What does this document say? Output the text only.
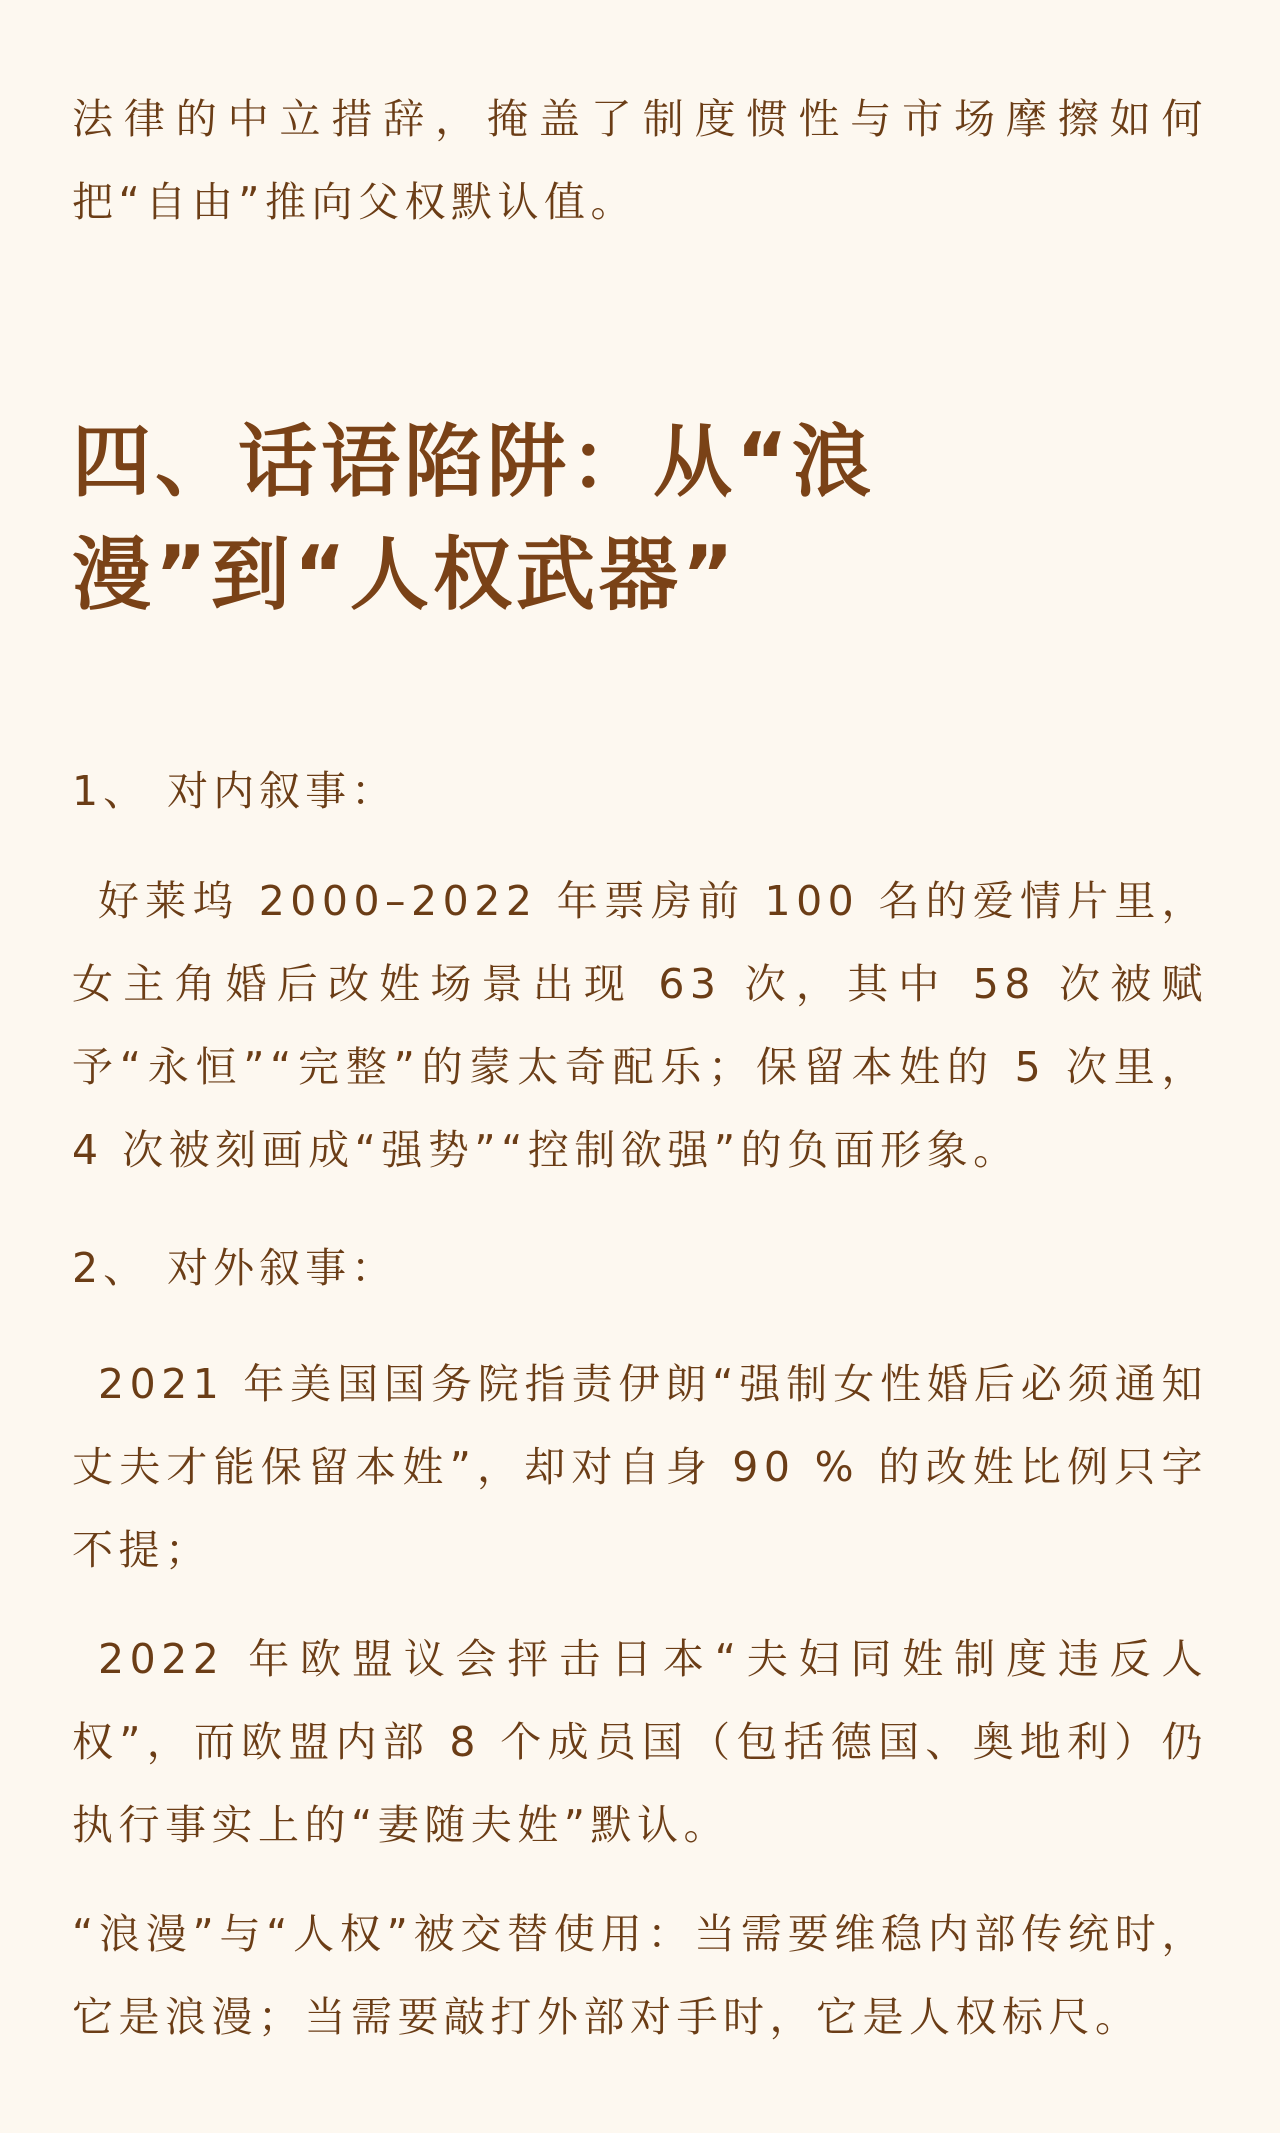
法律的中立措辞，掩盖了制度惯性与市场摩擦如何把“自由”推向父权默认值。

四、话语陷阱：从“浪漫”到“人权武器”

1、 对内叙事：

好莱坞 2000–2022 年票房前 100 名的爱情片里，女主角婚后改姓场景出现 63 次，其中 58 次被赋予“永恒”“完整”的蒙太奇配乐；保留本姓的 5 次里，4 次被刻画成“强势”“控制欲强”的负面形象。

2、 对外叙事：

2021 年美国国务院指责伊朗“强制女性婚后必须通知丈夫才能保留本姓”，却对自身 90 % 的改姓比例只字不提；

2022 年欧盟议会抨击日本“夫妇同姓制度违反人权”，而欧盟内部 8 个成员国（包括德国、奥地利）仍执行事实上的“妻随夫姓”默认。

“浪漫”与“人权”被交替使用：当需要维稳内部传统时，它是浪漫；当需要敲打外部对手时，它是人权标尺。
